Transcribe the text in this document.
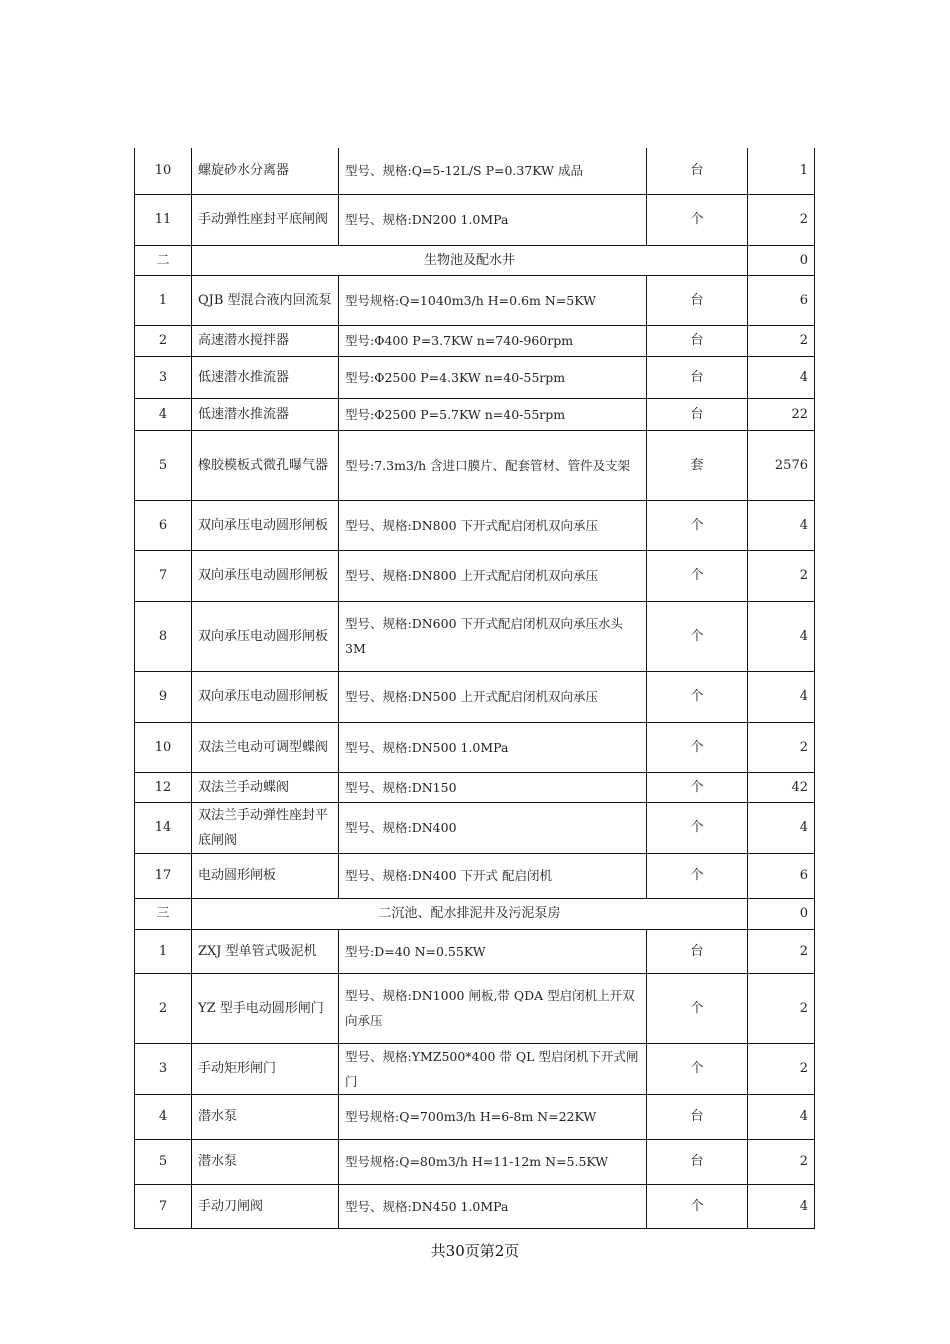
10	螺旋砂水分离器	型号、规格:Q=5-12L/S P=0.37KW 成品	台	1
11	手动弹性座封平底闸阀	型号、规格:DN200 1.0MPa	个	2
二	生物池及配水井			0
1	QJB 型混合液内回流泵	型号规格:Q=1040m3/h H=0.6m N=5KW	台	6
2	高速潜水搅拌器	型号:Φ400 P=3.7KW n=740-960rpm	台	2
3	低速潜水推流器	型号:Φ2500 P=4.3KW n=40-55rpm	台	4
4	低速潜水推流器	型号:Φ2500 P=5.7KW n=40-55rpm	台	22
5	橡胶模板式微孔曝气器	型号:7.3m3/h 含进口膜片、配套管材、管件及支架	套	2576
6	双向承压电动圆形闸板	型号、规格:DN800 下开式配启闭机双向承压	个	4
7	双向承压电动圆形闸板	型号、规格:DN800 上开式配启闭机双向承压	个	2
8	双向承压电动圆形闸板	型号、规格:DN600 下开式配启闭机双向承压水头 3M	个	4
9	双向承压电动圆形闸板	型号、规格:DN500 上开式配启闭机双向承压	个	4
10	双法兰电动可调型蝶阀	型号、规格:DN500 1.0MPa	个	2
12	双法兰手动蝶阀	型号、规格:DN150	个	42
14	双法兰手动弹性座封平底闸阀	型号、规格:DN400	个	4
17	电动圆形闸板	型号、规格:DN400 下开式 配启闭机	个	6
三	二沉池、配水排泥井及污泥泵房			0
1	ZXJ 型单管式吸泥机	型号:D=40 N=0.55KW	台	2
2	YZ 型手电动圆形闸门	型号、规格:DN1000 闸板,带 QDA 型启闭机上开双向承压	个	2
3	手动矩形闸门	型号、规格:YMZ500*400 带 QL 型启闭机下开式闸门	个	2
4	潜水泵	型号规格:Q=700m3/h H=6-8m N=22KW	台	4
5	潜水泵	型号规格:Q=80m3/h H=11-12m N=5.5KW	台	2
7	手动刀闸阀	型号、规格:DN450 1.0MPa	个	4
共30页第2页
